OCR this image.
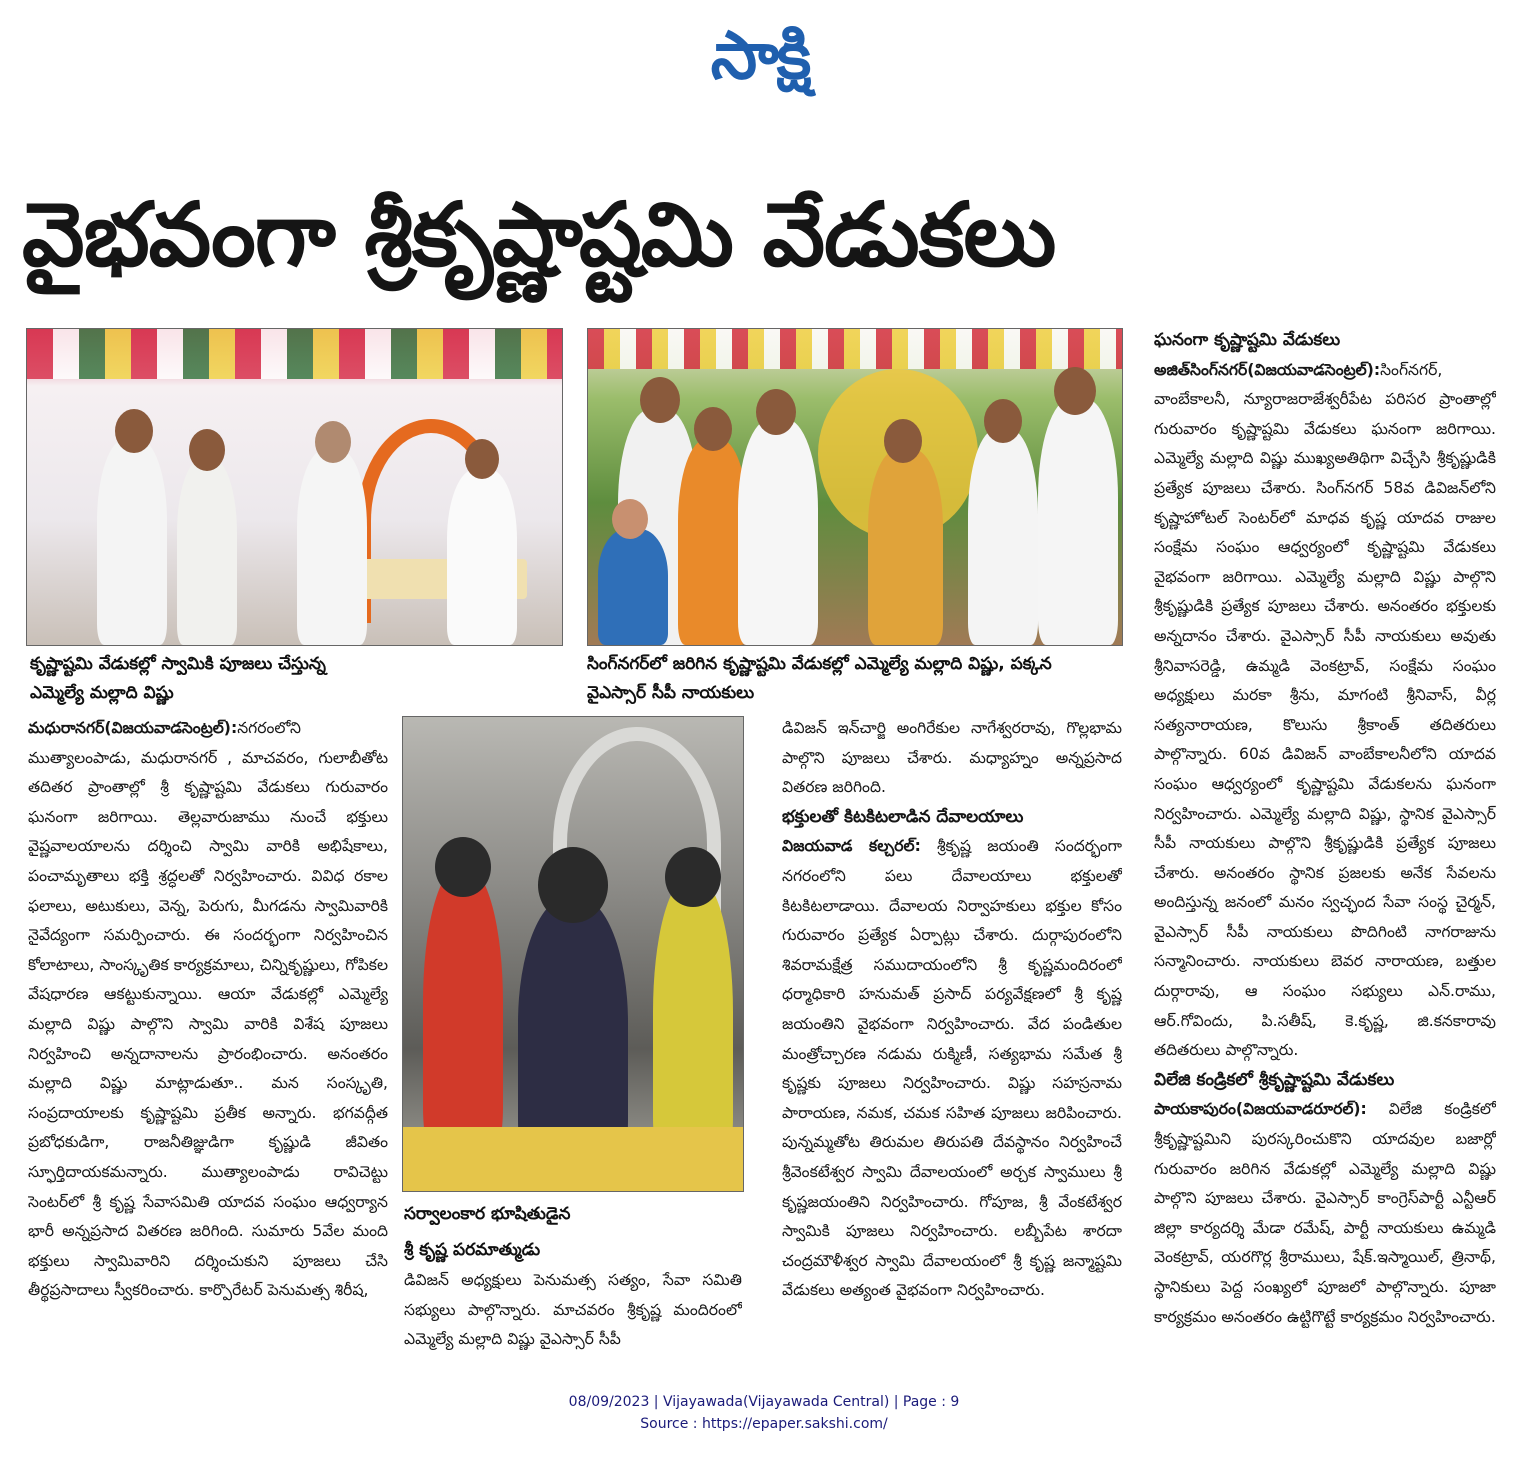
సాక్షి
వైభవంగా శ్రీకృష్ణాష్టమి వేడుకలు
కృష్ణాష్టమి వేడుకల్లో స్వామికి పూజలు చేస్తున్న
ఎమ్మెల్యే మల్లాది విష్ణు
సింగ్‌నగర్‌లో జరిగిన కృష్ణాష్టమి వేడుకల్లో ఎమ్మెల్యే మల్లాది విష్ణు, పక్కన
వైఎస్సార్‌ సీపీ నాయకులు
సర్వాలంకార భూషితుడైన
శ్రీ కృష్ణ పరమాత్ముడు

మధురానగర్‌(విజయవాడసెంట్రల్‌):నగరంలోని ముత్యాలంపాడు, మధురానగర్‌ , మాచవరం, గులాబీతోట తదితర ప్రాంతాల్లో శ్రీ కృష్ణాష్టమి వేడుకలు గురువారం ఘనంగా జరిగాయి. తెల్లవారుజాము నుంచే భక్తులు వైష్ణవాలయాలను దర్శించి స్వామి వారికి అభిషేకాలు, పంచామృతాలు భక్తి శ్రద్ధలతో నిర్వహించారు. వివిధ రకాల ఫలాలు, అటుకులు, వెన్న, పెరుగు, మీగడను స్వామివారికి నైవేద్యంగా సమర్పించారు. ఈ సందర్భంగా నిర్వహించిన కోలాటాలు, సాంస్కృతిక కార్యక్రమాలు, చిన్నికృష్ణులు, గోపికల వేషధారణ ఆకట్టుకున్నాయి. ఆయా వేడుకల్లో ఎమ్మెల్యే మల్లాది విష్ణు పాల్గొని స్వామి వారికి విశేష పూజలు నిర్వహించి అన్నదానాలను ప్రారంభించారు. అనంతరం మల్లాది విష్ణు మాట్లాడుతూ.. మన సంస్కృతి, సంప్రదాయాలకు కృష్ణాష్టమి ప్రతీక అన్నారు. భగవద్గీత ప్రబోధకుడిగా, రాజనీతిజ్ఞుడిగా కృష్ణుడి జీవితం స్ఫూర్తిదాయకమన్నారు. ముత్యాలంపాడు రావిచెట్టు సెంటర్‌లో శ్రీ కృష్ణ సేవాసమితి యాదవ సంఘం ఆధ్వర్యాన భారీ అన్నప్రసాద వితరణ జరిగింది. సుమారు 5వేల మంది భక్తులు స్వామివారిని దర్శించుకుని పూజలు చేసి తీర్థప్రసాదాలు స్వీకరించారు. కార్పొరేటర్‌ పెనుమత్స శిరీష,

డివిజన్‌ అధ్యక్షులు పెనుమత్స సత్యం, సేవా సమితి సభ్యులు పాల్గొన్నారు. మాచవరం శ్రీకృష్ణ మందిరంలో ఎమ్మెల్యే మల్లాది విష్ణు వైఎస్సార్‌ సీపీ

డివిజన్‌ ఇన్‌చార్జి అంగిరేకుల నాగేశ్వరరావు, గొల్లభామ పాల్గొని పూజలు చేశారు. మధ్యాహ్నం అన్నప్రసాద వితరణ జరిగింది.

భక్తులతో కిటకిటలాడిన దేవాలయాలు

విజయవాడ కల్చరల్‌: శ్రీకృష్ణ జయంతి సందర్భంగా నగరంలోని పలు దేవాలయాలు భక్తులతో కిటకిటలాడాయి. దేవాలయ నిర్వాహకులు భక్తుల కోసం గురువారం ప్రత్యేక ఏర్పాట్లు చేశారు. దుర్గాపురంలోని శివరామక్షేత్ర సముదాయంలోని శ్రీ కృష్ణమందిరంలో ధర్మాధికారి హనుమత్‌ ప్రసాద్‌ పర్యవేక్షణలో శ్రీ కృష్ణ జయంతిని వైభవంగా నిర్వహించారు. వేద పండితుల మంత్రోచ్చారణ నడుమ రుక్మిణీ, సత్యభామ సమేత శ్రీ కృష్ణకు పూజలు నిర్వహించారు. విష్ణు సహస్రనామ పారాయణ, నమక, చమక సహిత పూజలు జరిపించారు. పున్నమ్మతోట తిరుమల తిరుపతి దేవస్థానం నిర్వహించే శ్రీవెంకటేశ్వర స్వామి దేవాలయంలో అర్చక స్వాములు శ్రీ కృష్ణజయంతిని నిర్వహించారు. గోపూజ, శ్రీ వేంకటేశ్వర స్వామికి పూజలు నిర్వహించారు. లబ్బీపేట శారదా చంద్రమౌళీశ్వర స్వామి దేవాలయంలో శ్రీ కృష్ణ జన్మాష్టమి వేడుకలు అత్యంత వైభవంగా నిర్వహించారు.

ఘనంగా కృష్ణాష్టమి వేడుకలు

అజిత్‌సింగ్‌నగర్‌(విజయవాడసెంట్రల్‌):సింగ్‌నగర్‌, వాంబేకాలనీ, న్యూరాజరాజేశ్వరీపేట పరిసర ప్రాంతాల్లో గురువారం కృష్ణాష్టమి వేడుకలు ఘనంగా జరిగాయి. ఎమ్మెల్యే మల్లాది విష్ణు ముఖ్యఅతిథిగా విచ్చేసి శ్రీకృష్ణుడికి ప్రత్యేక పూజలు చేశారు. సింగ్‌నగర్‌ 58వ డివిజన్‌లోని కృష్ణాహోటల్‌ సెంటర్‌లో మాధవ కృష్ణ యాదవ రాజుల సంక్షేమ సంఘం ఆధ్వర్యంలో కృష్ణాష్టమి వేడుకలు వైభవంగా జరిగాయి. ఎమ్మెల్యే మల్లాది విష్ణు పాల్గొని శ్రీకృష్ణుడికి ప్రత్యేక పూజలు చేశారు. అనంతరం భక్తులకు అన్నదానం చేశారు. వైఎస్సార్‌ సీపీ నాయకులు అవుతు శ్రీనివాసరెడ్డి, ఉమ్మడి వెంకట్రావ్‌, సంక్షేమ సంఘం అధ్యక్షులు మరకా శ్రీను, మాగంటి శ్రీనివాస్‌, వీర్ల సత్యనారాయణ, కొలుసు శ్రీకాంత్‌ తదితరులు పాల్గొన్నారు. 60వ డివిజన్‌ వాంబేకాలనీలోని యాదవ సంఘం ఆధ్వర్యంలో కృష్ణాష్టమి వేడుకలను ఘనంగా నిర్వహించారు. ఎమ్మెల్యే మల్లాది విష్ణు, స్థానిక వైఎస్సార్‌ సీపీ నాయకులు పాల్గొని శ్రీకృష్ణుడికి ప్రత్యేక పూజలు చేశారు. అనంతరం స్థానిక ప్రజలకు అనేక సేవలను అందిస్తున్న జనంలో మనం స్వచ్ఛంద సేవా సంస్థ చైర్మన్‌, వైఎస్సార్‌ సీపీ నాయకులు పొదిగింటి నాగరాజును సన్మానించారు. నాయకులు బెవర నారాయణ, బత్తుల దుర్గారావు, ఆ సంఘం సభ్యులు ఎన్‌.రాము, ఆర్‌.గోవిందు, పి.సతీష్‌, కె.కృష్ణ, జి.కనకారావు తదితరులు పాల్గొన్నారు.

విలేజి కండ్రికలో శ్రీకృష్ణాష్టమి వేడుకలు

పాయకాపురం(విజయవాడరూరల్‌): విలేజి కండ్రికలో శ్రీకృష్ణాష్టమిని పురస్కరించుకొని యాదవుల బజార్లో గురువారం జరిగిన వేడుకల్లో ఎమ్మెల్యే మల్లాది విష్ణు పాల్గొని పూజలు చేశారు. వైఎస్సార్‌ కాంగ్రెస్‌పార్టీ ఎన్టీఆర్‌ జిల్లా కార్యదర్శి మేడా రమేష్‌, పార్టీ నాయకులు ఉమ్మడి వెంకట్రావ్‌, యరగొర్ల శ్రీరాములు, షేక్‌.ఇస్మాయిల్‌, త్రినాథ్‌, స్థానికులు పెద్ద సంఖ్యలో పూజలో పాల్గొన్నారు. పూజా కార్యక్రమం అనంతరం ఉట్టిగొట్టే కార్యక్రమం నిర్వహించారు.

08/09/2023 | Vijayawada(Vijayawada Central) | Page : 9
Source : https://epaper.sakshi.com/
